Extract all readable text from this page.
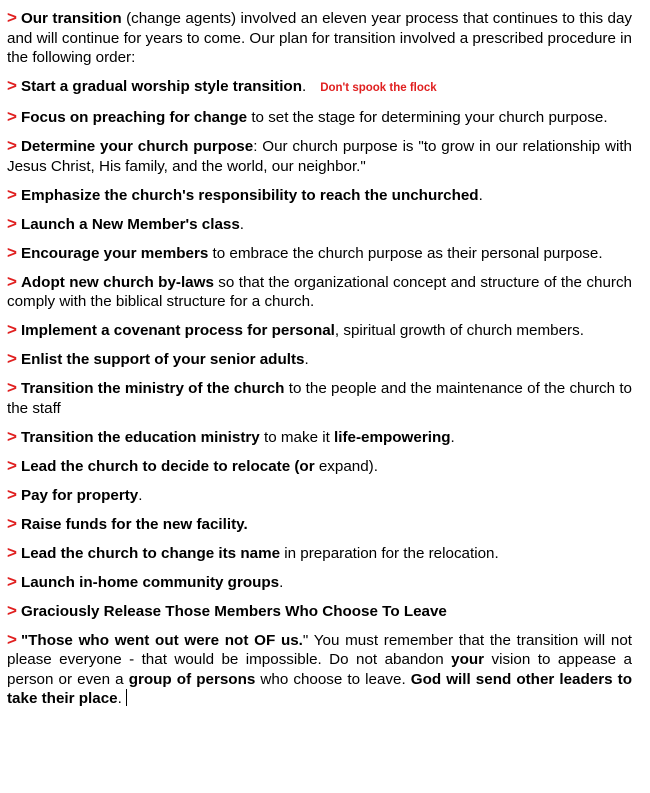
> Our transition (change agents) involved an eleven year process that continues to this day and will continue for years to come. Our plan for transition involved a prescribed procedure in the following order:
> Start a gradual worship style transition. Don't spook the flock
> Focus on preaching for change to set the stage for determining your church purpose.
> Determine your church purpose: Our church purpose is "to grow in our relationship with Jesus Christ, His family, and the world, our neighbor."
> Emphasize the church's responsibility to reach the unchurched.
> Launch a New Member's class.
> Encourage your members to embrace the church purpose as their personal purpose.
> Adopt new church by-laws so that the organizational concept and structure of the church comply with the biblical structure for a church.
> Implement a covenant process for personal, spiritual growth of church members.
> Enlist the support of your senior adults.
> Transition the ministry of the church to the people and the maintenance of the church to the staff
> Transition the education ministry to make it life-empowering.
> Lead the church to decide to relocate (or expand).
> Pay for property.
> Raise funds for the new facility.
> Lead the church to change its name in preparation for the relocation.
> Launch in-home community groups.
> Graciously Release Those Members Who Choose To Leave
> "Those who went out were not OF us." You must remember that the transition will not please everyone - that would be impossible. Do not abandon your vision to appease a person or even a group of persons who choose to leave. God will send other leaders to take their place.
